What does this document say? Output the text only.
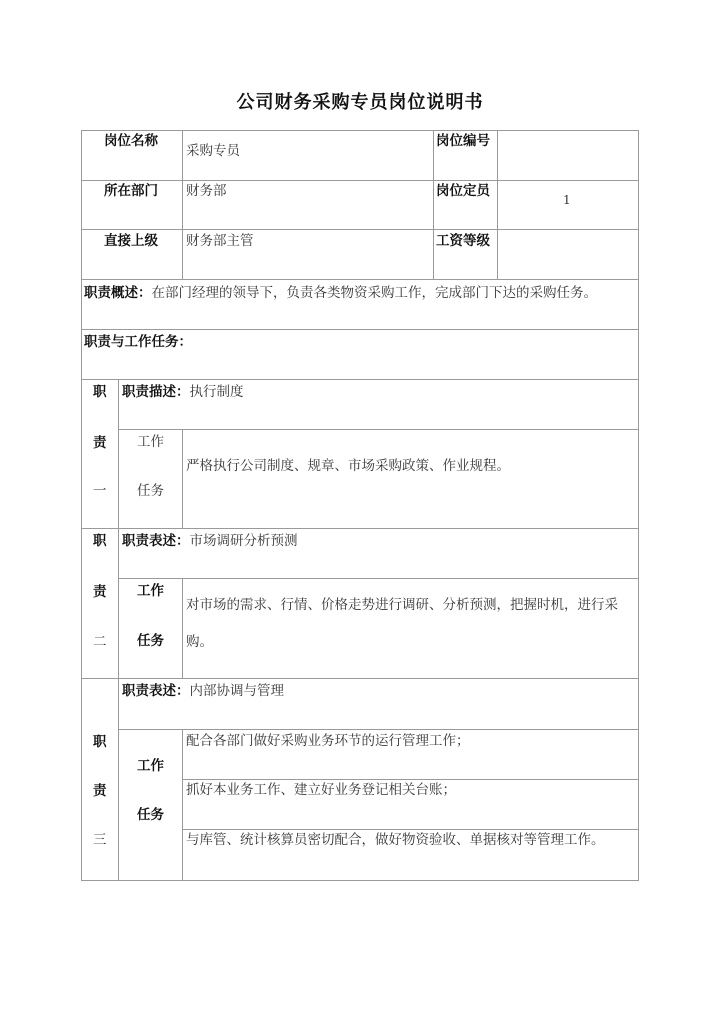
公司财务采购专员岗位说明书
岗位名称
采购专员
岗位编号
所在部门 财务部	岗位定员
1
直接上级 财务部主管	工资等级
职责概述：在部门经理的领导下，负责各类物资采购工作，完成部门下达的采购任务。
职责与工作任务：
职
责
一
职责描述：执行制度
工作
任务
严格执行公司制度、规章、市场采购政策、作业规程。
职
责
二
职责表述：市场调研分析预测
工作
任务
对市场的需求、行情、价格走势进行调研、分析预测，把握时机，进行采购。
职
责
三
职责表述：内部协调与管理
工作
任务
配合各部门做好采购业务环节的运行管理工作；
抓好本业务工作、建立好业务登记相关台账；
与库管、统计核算员密切配合，做好物资验收、单据核对等管理工作。
